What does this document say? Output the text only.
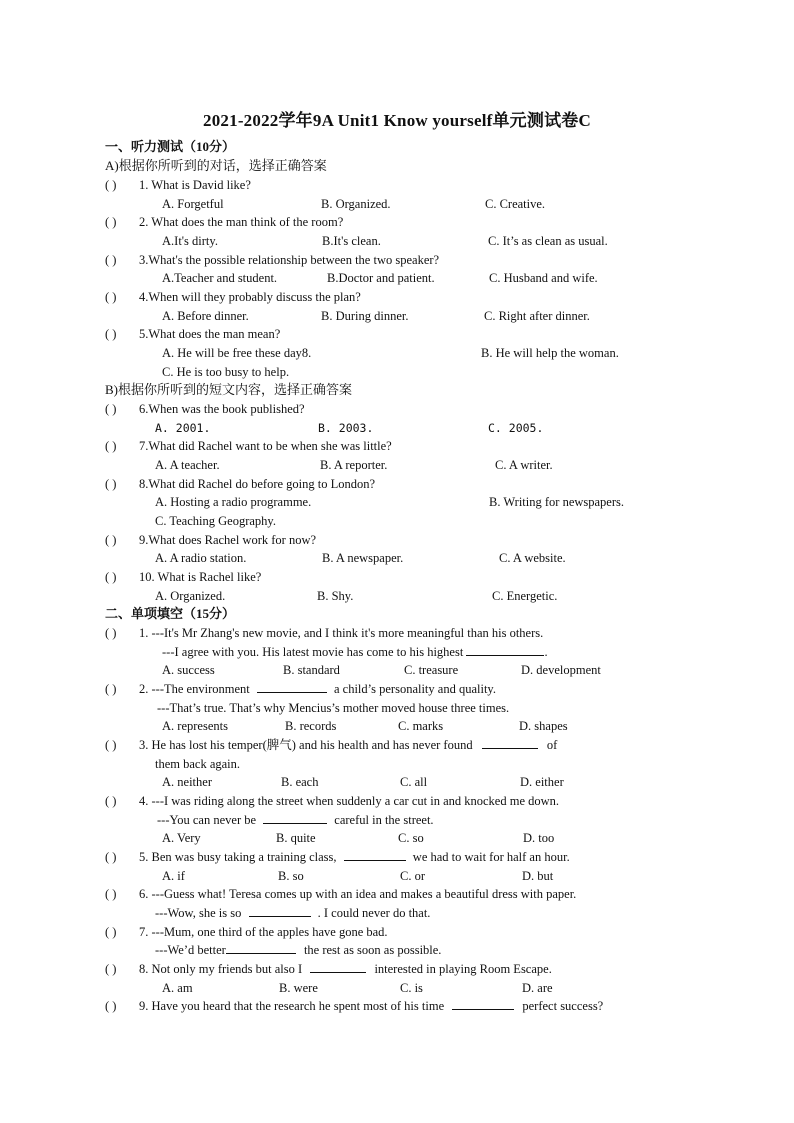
2021-2022学年9A Unit1 Know yourself单元测试卷C
一、听力测试（10分）
A)根据你所听到的对话，选择正确答案
( ) 1. What is David like?
A. Forgetful	B. Organized.	C. Creative.
( ) 2. What does the man think of the room?
A.It's dirty.	B.It's clean.	C. It’s as clean as usual.
( ) 3.What's the possible relationship between the two speaker?
A.Teacher and student.	B.Doctor and patient.	C. Husband and wife.
( ) 4.When will they probably discuss the plan?
A. Before dinner.	B. During dinner.	C. Right after dinner.
( ) 5.What does the man mean?
A. He will be free these day8.	B. He will help the woman.
C. He is too busy to help.
B)根据你所听到的短文内容，选择正确答案
( ) 6.When was the book published?
A. 2001.	B. 2003.	C. 2005.
( ) 7.What did Rachel want to be when she was little?
A. A teacher.	B. A reporter.	C. A writer.
( ) 8.What did Rachel do before going to London?
A. Hosting a radio programme.	B. Writing for newspapers.
C. Teaching Geography.
( ) 9.What does Rachel work for now?
A. A radio station.	B. A newspaper.	C. A website.
( ) 10. What is Rachel like?
A. Organized.	B. Shy.	C. Energetic.
二、单项填空（15分）
( ) 1. ---It's Mr Zhang's new movie, and I think it's more meaningful than his others.
---I agree with you. His latest movie has come to his highest	.
A. success	B. standard	C. treasure	D. development
( ) 2. ---The environment	a child’s personality and quality.
---That’s true. That’s why Mencius’s mother moved house three times.
A. represents	B. records	C. marks	D. shapes
( ) 3. He has lost his temper(脾气) and his health and has never found	of
them back again.
A. neither	B. each	C. all	D. either
( ) 4. ---I was riding along the street when suddenly a car cut in and knocked me down.
---You can never be	careful in the street.
A. Very	B. quite	C. so	D. too
( ) 5. Ben was busy taking a training class,	we had to wait for half an hour.
A. if	B. so	C. or	D. but
( ) 6. ---Guess what! Teresa comes up with an idea and makes a beautiful dress with paper.
---Wow, she is so	. I could never do that.
( ) 7. ---Mum, one third of the apples have gone bad.
---We’d better	the rest as soon as possible.
( ) 8. Not only my friends but also I	interested in playing Room Escape.
A. am	B. were	C. is	D. are
( ) 9. Have you heard that the research he spent most of his time	perfect success?
